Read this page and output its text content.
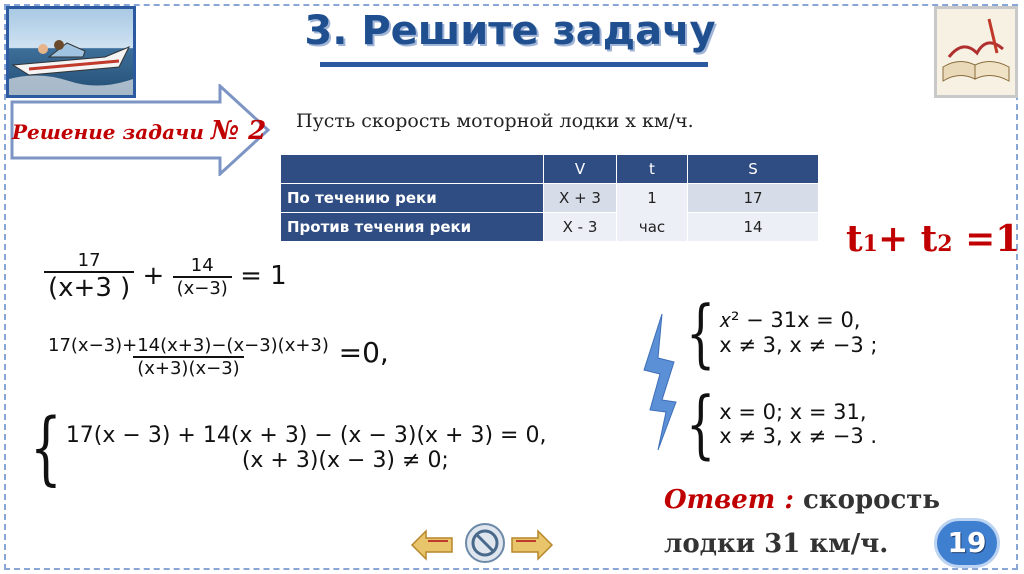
3. Решите задачу
Решение задачи № 2 Пусть скорость моторной лодки х км/ч.
	V	t	S
По течению реки	X + 3	1	17
Против течения реки	X - 3	час	14 t1+ t2 =1
$\frac{17}{(x+3 )} + \frac{14}{(x-3)} = 1$
$\frac{17(x-3)+14(x+3)-(x-3)(x+3)}{(x+3)(x-3)} =0$,
{ 17(x − 3) + 14(x + 3) − (x − 3)(x + 3) = 0,
(x + 3)(x − 3) ≠ 0;
{ 𝑥² − 31x = 0,
x ≠ 3, x ≠ −3 ;
{ x = 0; x = 31,
x ≠ 3, x ≠ −3 .
Ответ : скорость
лодки 31 км/ч.	19
